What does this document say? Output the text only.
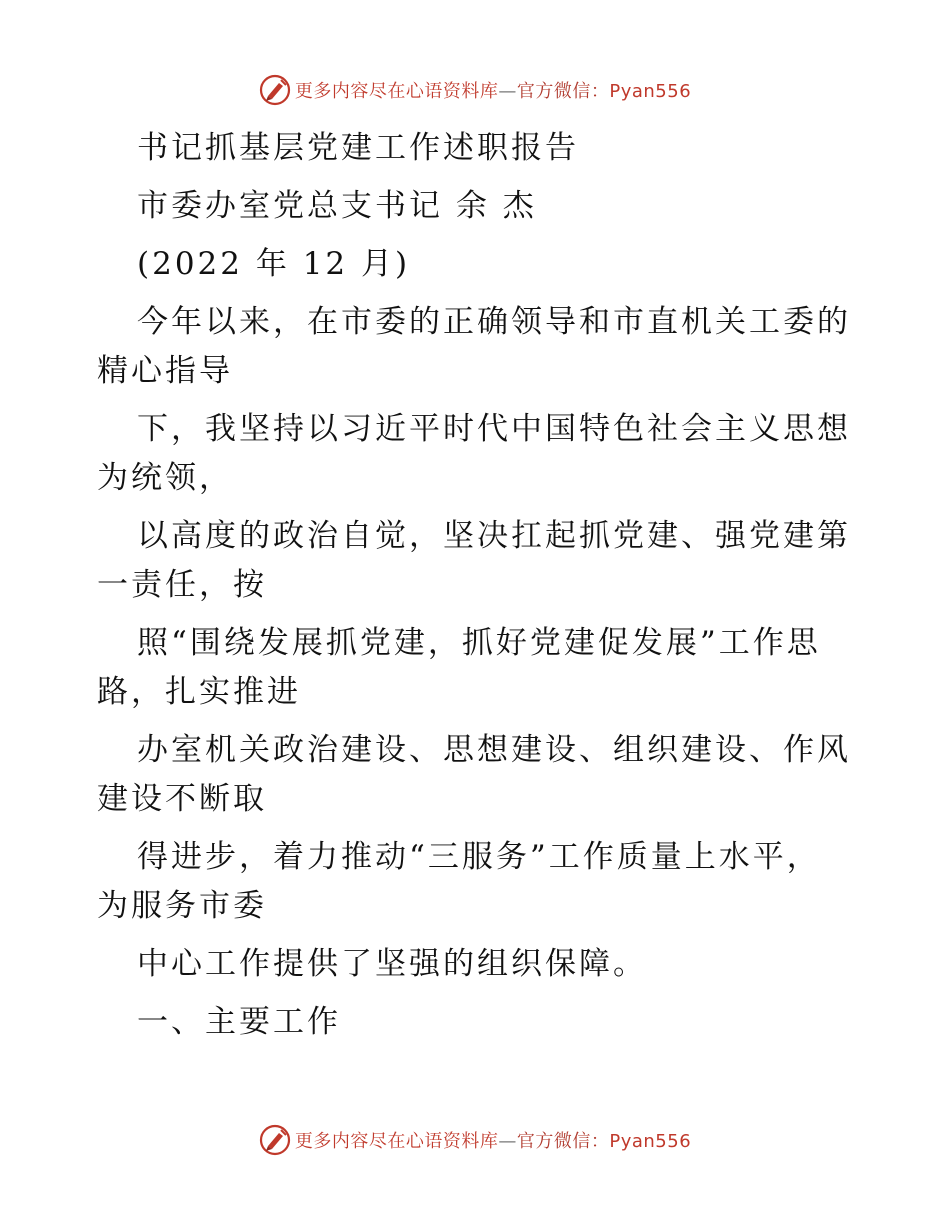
更多内容尽在心语资料库—官方微信：Pyan556
书记抓基层党建工作述职报告
市委办室党总支书记 余 杰
(2022 年 12 月)
今年以来，在市委的正确领导和市直机关工委的
精心指导
下，我坚持以习近平时代中国特色社会主义思想
为统领，
以高度的政治自觉，坚决扛起抓党建、强党建第
一责任，按
照“围绕发展抓党建，抓好党建促发展”工作思
路，扎实推进
办室机关政治建设、思想建设、组织建设、作风
建设不断取
得进步，着力推动“三服务”工作质量上水平，
为服务市委
中心工作提供了坚强的组织保障。
一、主要工作
更多内容尽在心语资料库—官方微信：Pyan556
